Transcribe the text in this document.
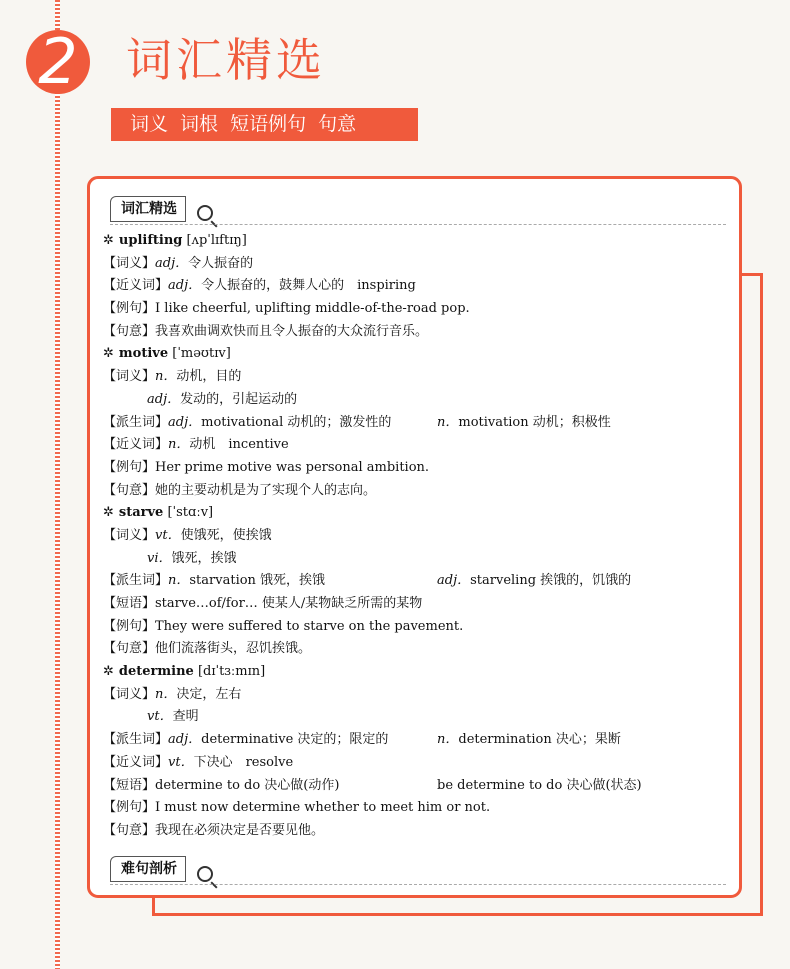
2 词汇精选
词义 词根 短语例句 句意
词汇精选
✲ uplifting [ʌpˈlɪftɪŋ]
【词义】adj．令人振奋的
【近义词】adj．令人振奋的，鼓舞人心的　inspiring
【例句】I like cheerful, uplifting middle-of-the-road pop.
【句意】我喜欢曲调欢快而且令人振奋的大众流行音乐。
✲ motive [ˈməʊtɪv]
【词义】n．动机，目的
adj．发动的，引起运动的
【派生词】adj．motivational 动机的；激发性的	n．motivation 动机；积极性
【近义词】n．动机　incentive
【例句】Her prime motive was personal ambition.
【句意】她的主要动机是为了实现个人的志向。
✲ starve [ˈstɑːv]
【词义】vt．使饿死，使挨饿
vi．饿死，挨饿
【派生词】n．starvation 饿死，挨饿	adj．starveling 挨饿的，饥饿的
【短语】starve…of/for… 使某人/某物缺乏所需的某物
【例句】They were suffered to starve on the pavement.
【句意】他们流落街头，忍饥挨饿。
✲ determine [dɪˈtɜːmɪn]
【词义】n．决定，左右
vt．查明
【派生词】adj．determinative 决定的；限定的	n．determination 决心；果断
【近义词】vt．下决心　resolve
【短语】determine to do 决心做(动作)	be determine to do 决心做(状态)
【例句】I must now determine whether to meet him or not.
【句意】我现在必须决定是否要见他。
难句剖析
